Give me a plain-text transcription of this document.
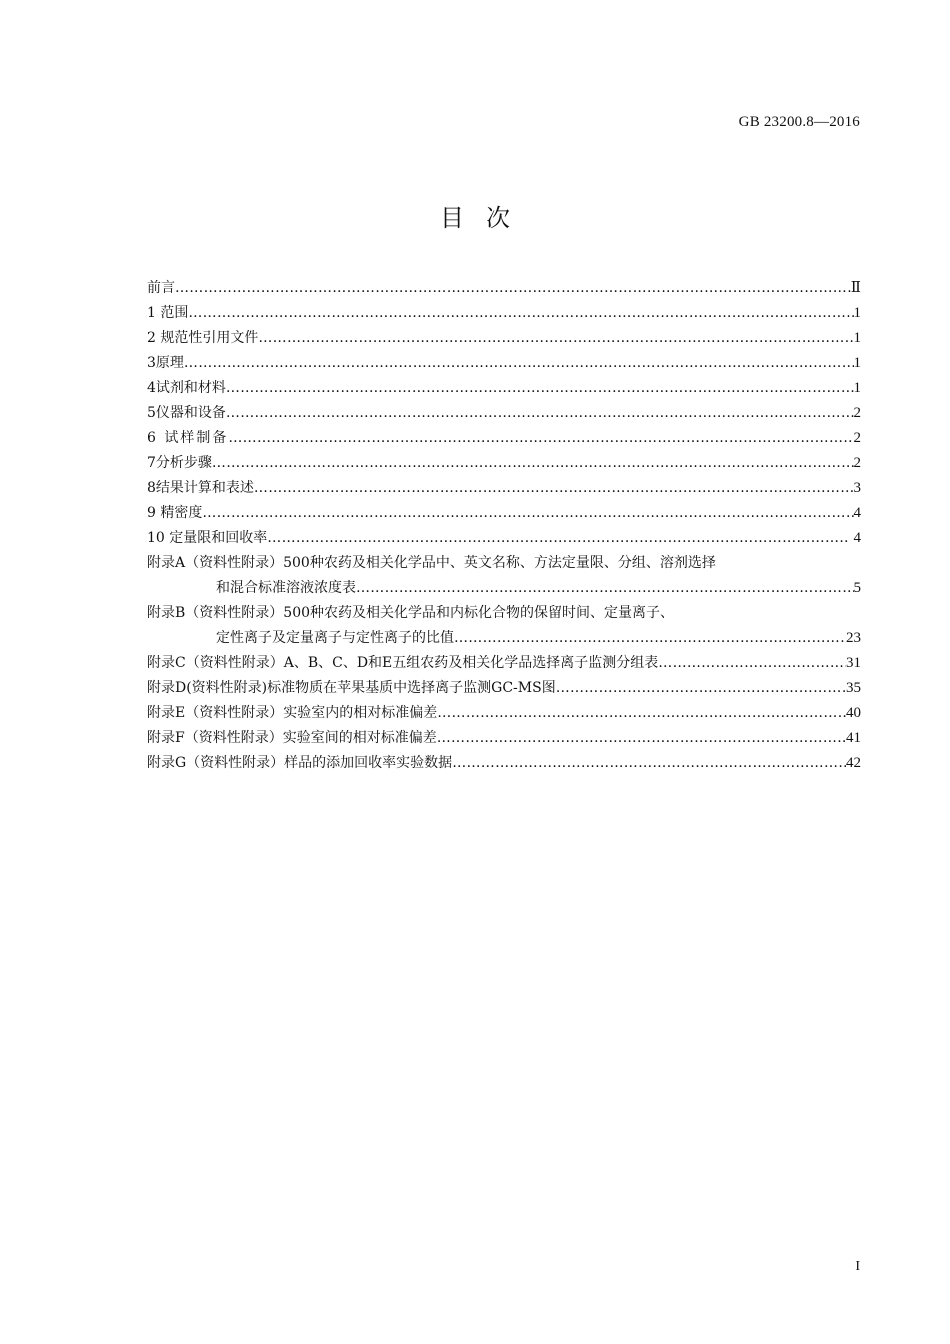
GB 23200.8—2016
目次
前言 …………………………………………………………………………………………………………………………………………………………………………………………………………………………………………	Ⅱ
1 范围 …………………………………………………………………………………………………………………………………………………………………………………………………………………………………………	1
2 规范性引用文件 …………………………………………………………………………………………………………………………………………………………………………………………………………………………………………	1
3原理 …………………………………………………………………………………………………………………………………………………………………………………………………………………………………………	1
4试剂和材料 …………………………………………………………………………………………………………………………………………………………………………………………………………………………………………	1
5仪器和设备 …………………………………………………………………………………………………………………………………………………………………………………………………………………………………………	2
6 试样制备 …………………………………………………………………………………………………………………………………………………………………………………………………………………………………………	2
7分析步骤 …………………………………………………………………………………………………………………………………………………………………………………………………………………………………………	2
8结果计算和表述 …………………………………………………………………………………………………………………………………………………………………………………………………………………………………………	3
9 精密度 …………………………………………………………………………………………………………………………………………………………………………………………………………………………………………	4
10 定量限和回收率 …………………………………………………………………………………………………………………………………………………………………………………………………………………………………………	4
附录A（资料性附录）500种农药及相关化学品中、英文名称、方法定量限、分组、溶剂选择
和混合标准溶液浓度表 …………………………………………………………………………………………………………………………………………………………………………………………………………………………………………	5
附录B（资料性附录）500种农药及相关化学品和内标化合物的保留时间、定量离子、
定性离子及定量离子与定性离子的比值 …………………………………………………………………………………………………………………………………………………………………………………………………………………………………………	23
附录C（资料性附录）A、B、C、D和E五组农药及相关化学品选择离子监测分组表 …………………………………………………………………………………………………………………………………………………………………………………………………………………………………………	31
附录D(资料性附录)标准物质在苹果基质中选择离子监测GC-MS图 …………………………………………………………………………………………………………………………………………………………………………………………………………………………………………	35
附录E（资料性附录）实验室内的相对标准偏差 …………………………………………………………………………………………………………………………………………………………………………………………………………………………………………	40
附录F（资料性附录）实验室间的相对标准偏差 …………………………………………………………………………………………………………………………………………………………………………………………………………………………………………	41
附录G（资料性附录）样品的添加回收率实验数据 …………………………………………………………………………………………………………………………………………………………………………………………………………………………………………	42
I
